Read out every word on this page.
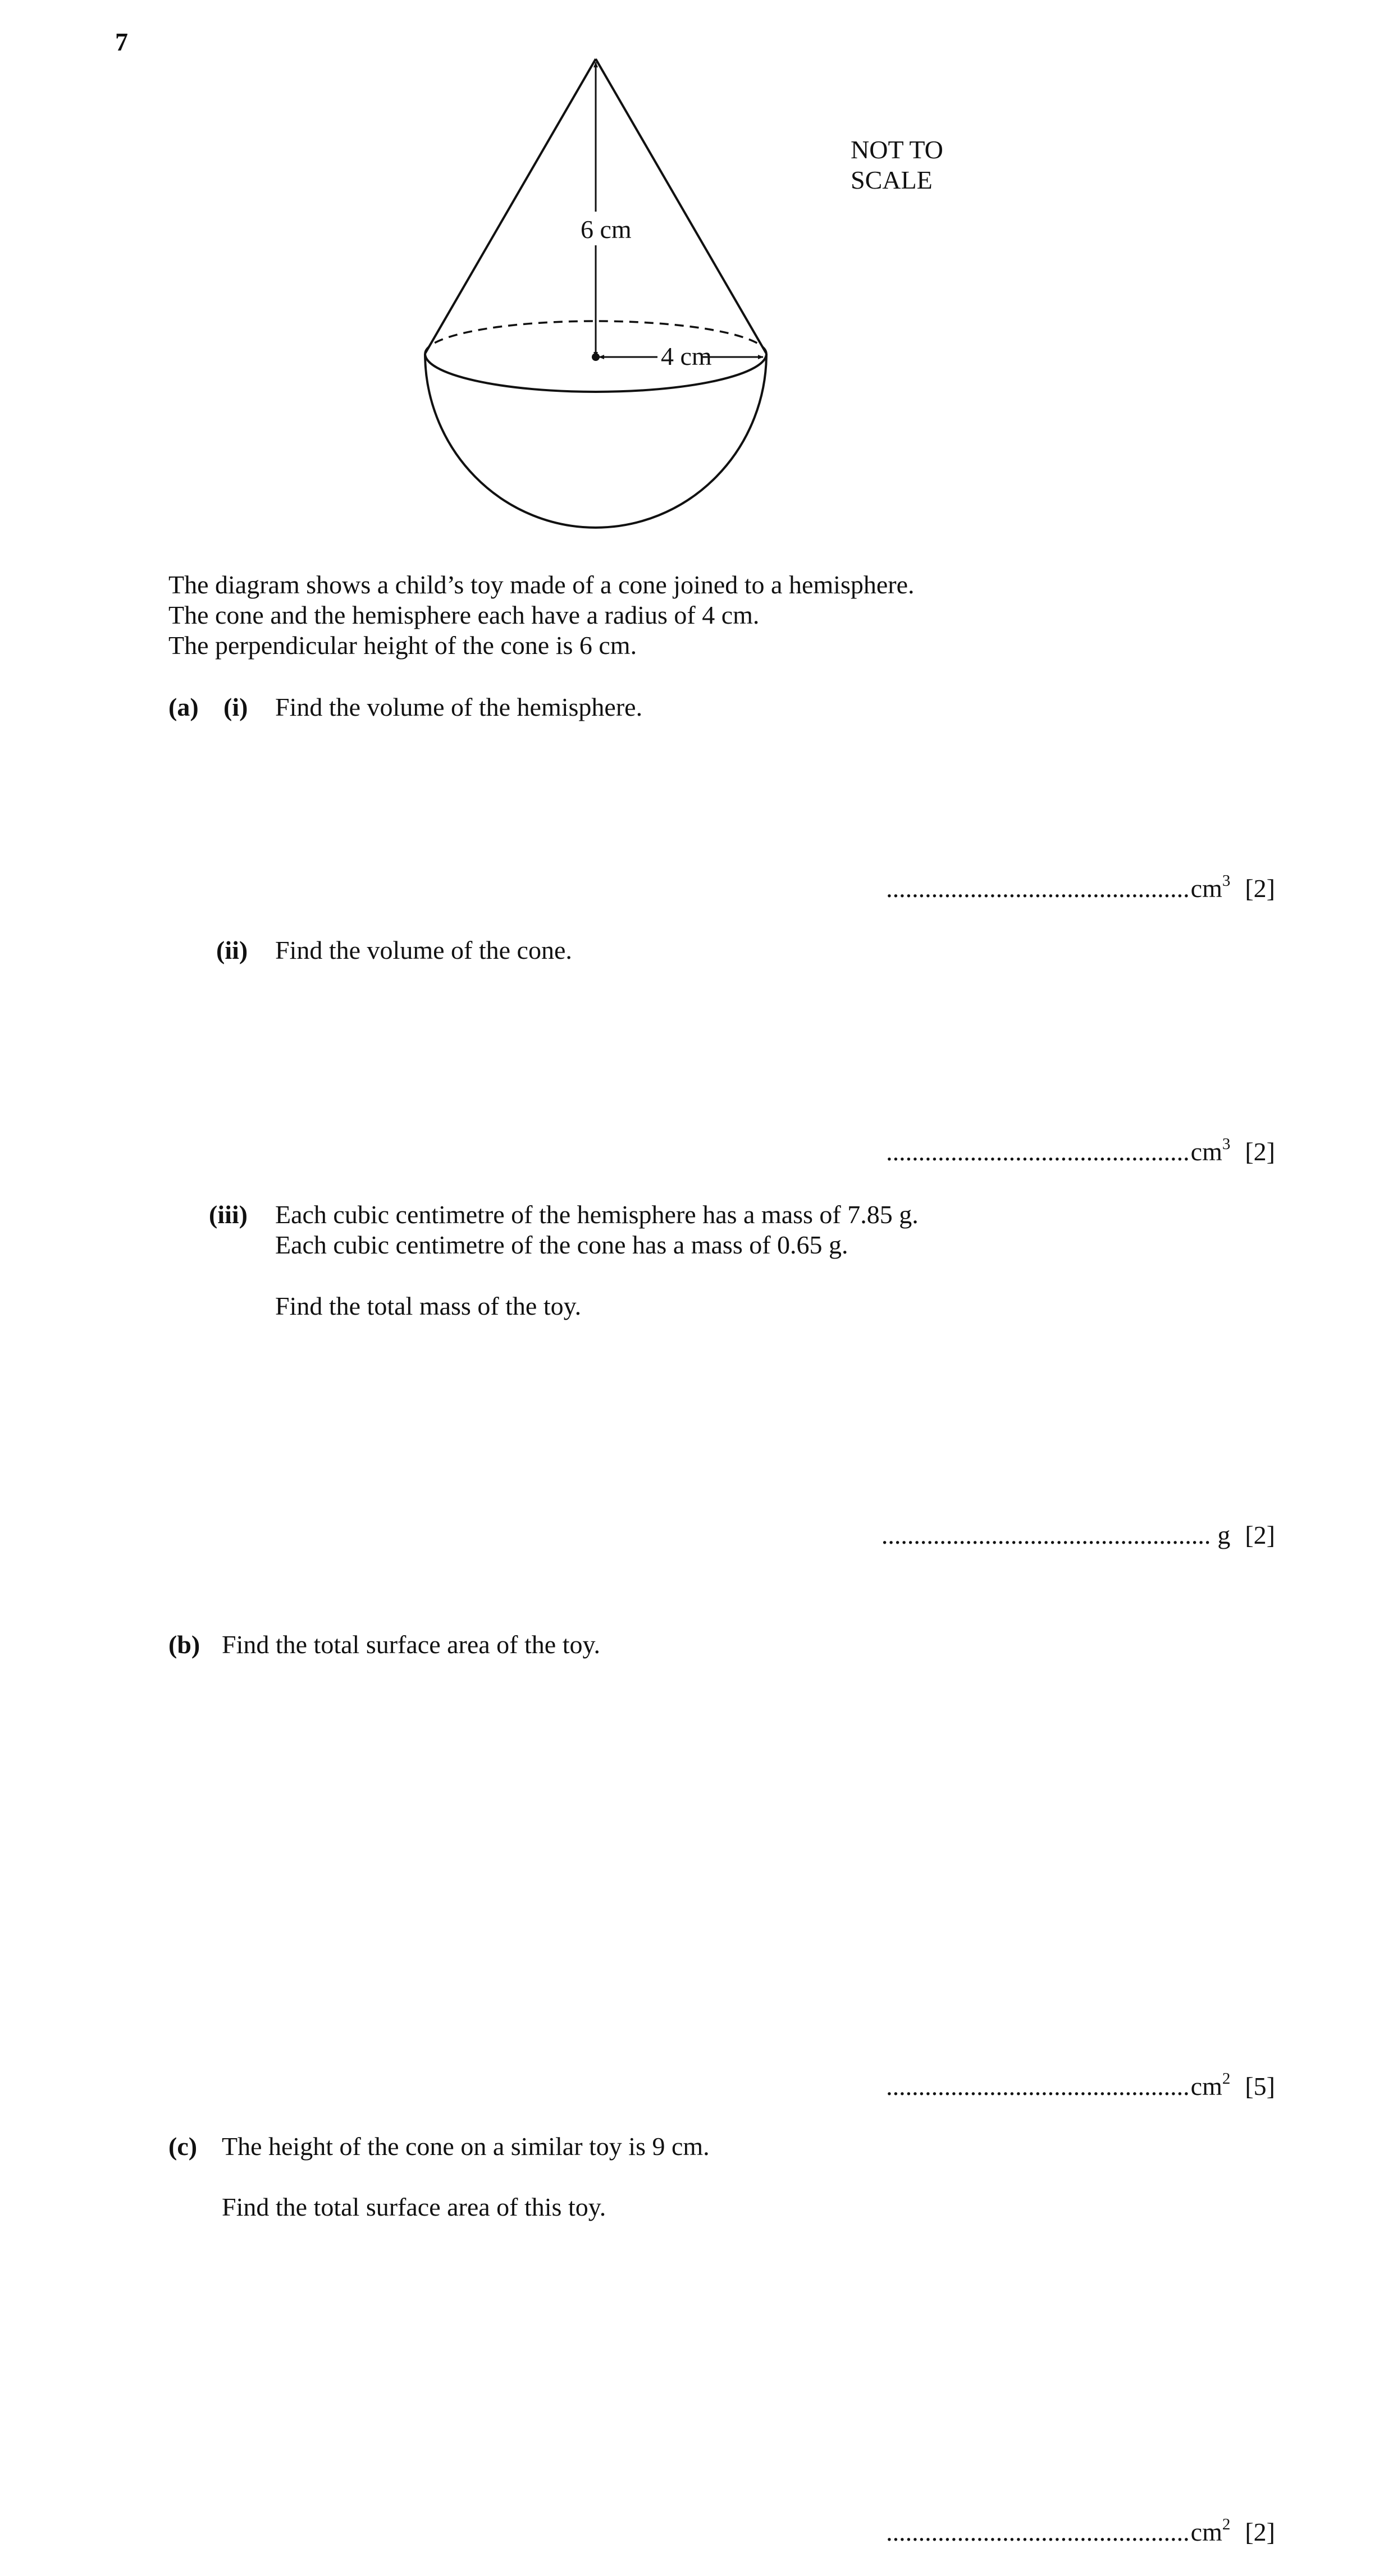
7
6 cm
4 cm
NOT TO
SCALE
The diagram shows a child’s toy made of a cone joined to a hemisphere.
The cone and the hemisphere each have a radius of 4 cm.
The perpendicular height of the cone is 6 cm.
(a) (i) Find the volume of the hemisphere.
............................................... $cm^3$ [2]
(ii) Find the volume of the cone.
............................................... $cm^3$ [2]
(iii) Each cubic centimetre of the hemisphere has a mass of 7.85 g.
Each cubic centimetre of the cone has a mass of 0.65 g.
Find the total mass of the toy.
................................................... g [2]
(b) Find the total surface area of the toy.
............................................... $cm^2$ [5]
(c) The height of the cone on a similar toy is 9 cm.
Find the total surface area of this toy.
............................................... $cm^2$ [2]
